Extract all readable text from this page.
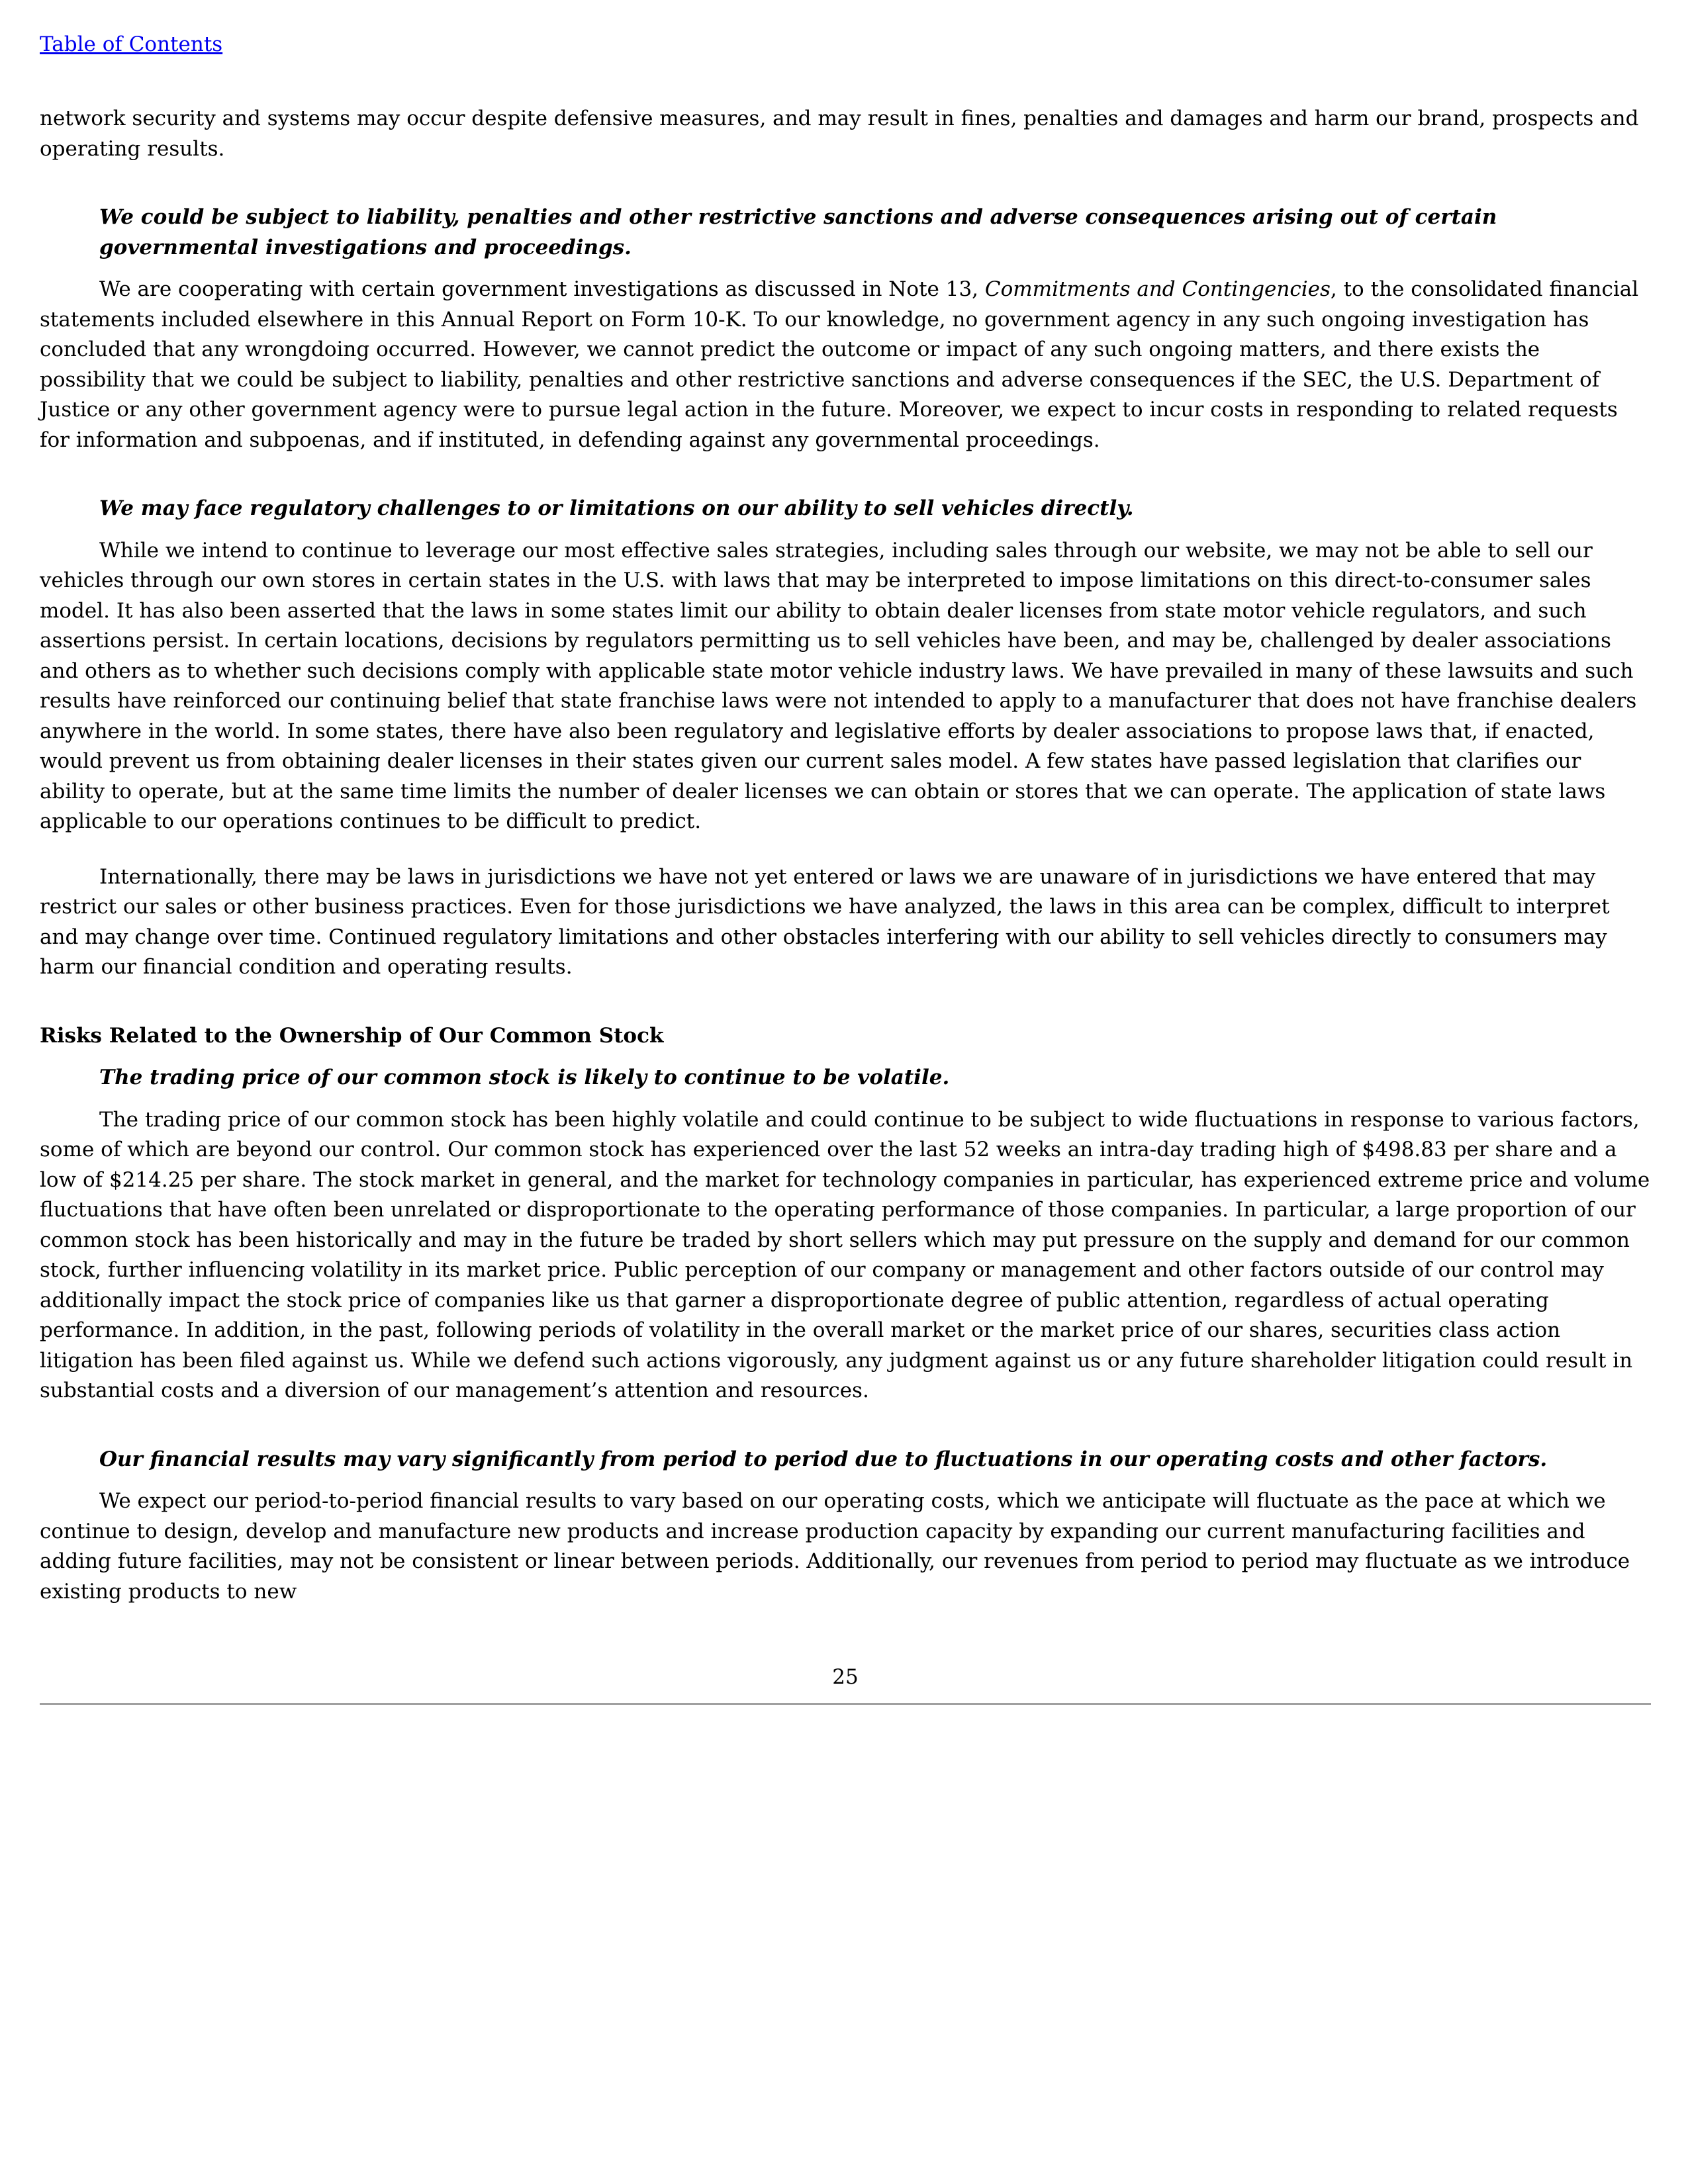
Table of Contents

network security and systems may occur despite defensive measures, and may result in fines, penalties and damages and harm our brand, prospects and operating results.

We could be subject to liability, penalties and other restrictive sanctions and adverse consequences arising out of certain governmental investigations and proceedings.

We are cooperating with certain government investigations as discussed in Note 13, Commitments and Contingencies, to the consolidated financial statements included elsewhere in this Annual Report on Form 10-K. To our knowledge, no government agency in any such ongoing investigation has concluded that any wrongdoing occurred. However, we cannot predict the outcome or impact of any such ongoing matters, and there exists the possibility that we could be subject to liability, penalties and other restrictive sanctions and adverse consequences if the SEC, the U.S. Department of Justice or any other government agency were to pursue legal action in the future. Moreover, we expect to incur costs in responding to related requests for information and subpoenas, and if instituted, in defending against any governmental proceedings.

We may face regulatory challenges to or limitations on our ability to sell vehicles directly.

While we intend to continue to leverage our most effective sales strategies, including sales through our website, we may not be able to sell our vehicles through our own stores in certain states in the U.S. with laws that may be interpreted to impose limitations on this direct-to-consumer sales model. It has also been asserted that the laws in some states limit our ability to obtain dealer licenses from state motor vehicle regulators, and such assertions persist. In certain locations, decisions by regulators permitting us to sell vehicles have been, and may be, challenged by dealer associations and others as to whether such decisions comply with applicable state motor vehicle industry laws. We have prevailed in many of these lawsuits and such results have reinforced our continuing belief that state franchise laws were not intended to apply to a manufacturer that does not have franchise dealers anywhere in the world. In some states, there have also been regulatory and legislative efforts by dealer associations to propose laws that, if enacted, would prevent us from obtaining dealer licenses in their states given our current sales model. A few states have passed legislation that clarifies our ability to operate, but at the same time limits the number of dealer licenses we can obtain or stores that we can operate. The application of state laws applicable to our operations continues to be difficult to predict.

Internationally, there may be laws in jurisdictions we have not yet entered or laws we are unaware of in jurisdictions we have entered that may restrict our sales or other business practices. Even for those jurisdictions we have analyzed, the laws in this area can be complex, difficult to interpret and may change over time. Continued regulatory limitations and other obstacles interfering with our ability to sell vehicles directly to consumers may harm our financial condition and operating results.

Risks Related to the Ownership of Our Common Stock

The trading price of our common stock is likely to continue to be volatile.

The trading price of our common stock has been highly volatile and could continue to be subject to wide fluctuations in response to various factors, some of which are beyond our control. Our common stock has experienced over the last 52 weeks an intra-day trading high of $498.83 per share and a low of $214.25 per share. The stock market in general, and the market for technology companies in particular, has experienced extreme price and volume fluctuations that have often been unrelated or disproportionate to the operating performance of those companies. In particular, a large proportion of our common stock has been historically and may in the future be traded by short sellers which may put pressure on the supply and demand for our common stock, further influencing volatility in its market price. Public perception of our company or management and other factors outside of our control may additionally impact the stock price of companies like us that garner a disproportionate degree of public attention, regardless of actual operating performance. In addition, in the past, following periods of volatility in the overall market or the market price of our shares, securities class action litigation has been filed against us. While we defend such actions vigorously, any judgment against us or any future shareholder litigation could result in substantial costs and a diversion of our management’s attention and resources.

Our financial results may vary significantly from period to period due to fluctuations in our operating costs and other factors.

We expect our period-to-period financial results to vary based on our operating costs, which we anticipate will fluctuate as the pace at which we continue to design, develop and manufacture new products and increase production capacity by expanding our current manufacturing facilities and adding future facilities, may not be consistent or linear between periods. Additionally, our revenues from period to period may fluctuate as we introduce existing products to new

25
